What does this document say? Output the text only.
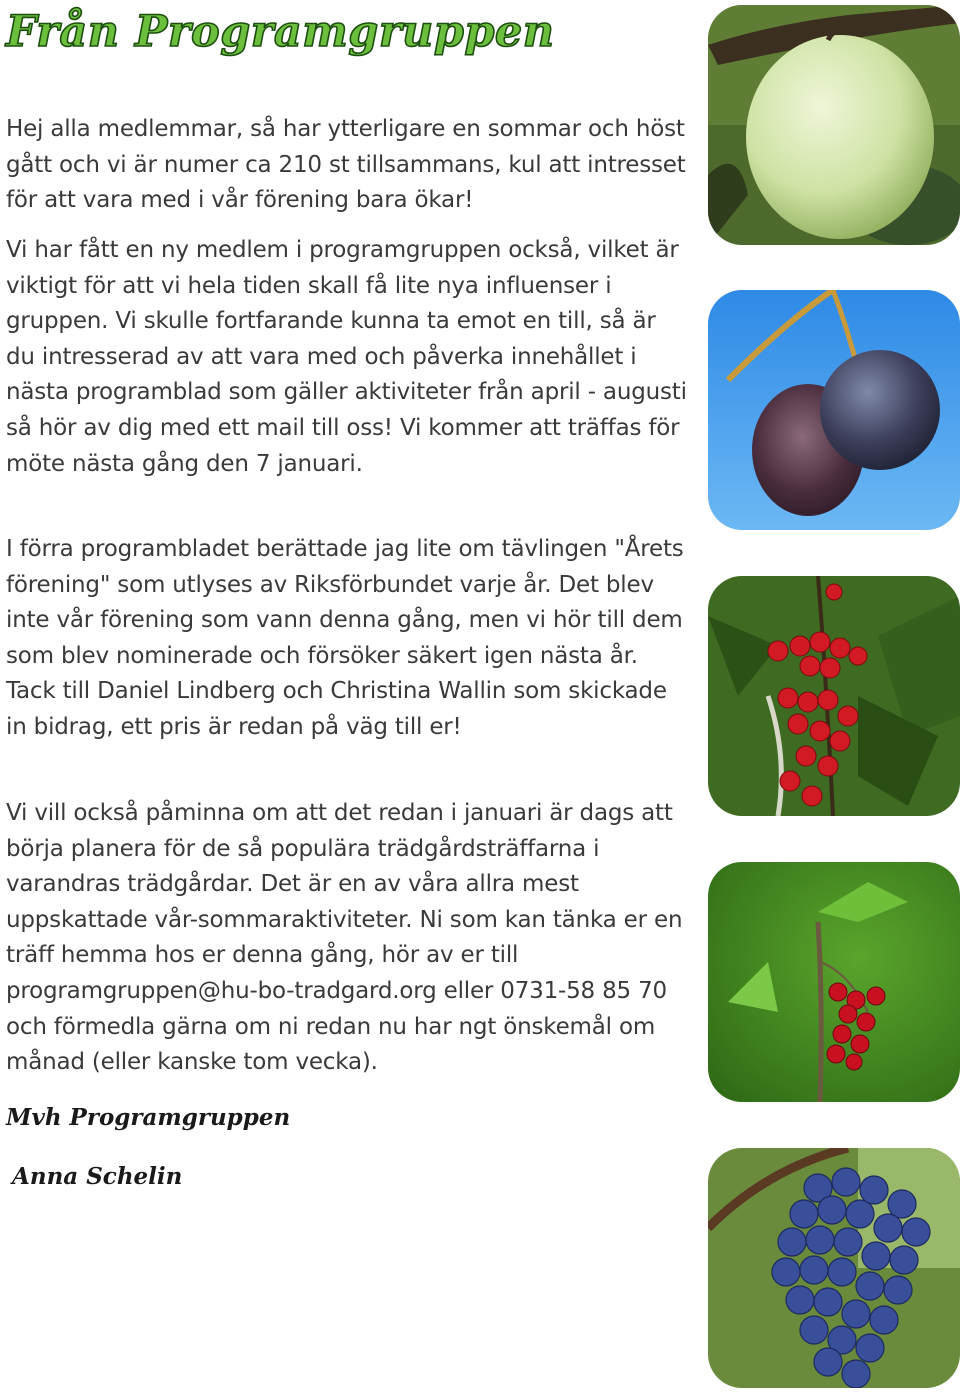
Från Programgruppen

Hej alla medlemmar, så har ytterligare en sommar och höst gått och vi är numer ca 210 st tillsammans, kul att intresset för att vara med i vår förening bara ökar!

Vi har fått en ny medlem i programgruppen också, vilket är viktigt för att vi hela tiden skall få lite nya influenser i gruppen. Vi skulle fortfarande kunna ta emot en till, så är du intresserad av att vara med och påverka innehållet i nästa programblad som gäller aktiviteter från april - augusti så hör av dig med ett mail till oss! Vi kommer att träffas för möte nästa gång den 7 januari.

I förra programbladet berättade jag lite om tävlingen "Årets förening" som utlyses av Riksförbundet varje år. Det blev inte vår förening som vann denna gång, men vi hör till dem som blev nominerade och försöker säkert igen nästa år. Tack till Daniel Lindberg och Christina Wallin som skickade in bidrag, ett pris är redan på väg till er!

Vi vill också påminna om att det redan i januari är dags att börja planera för de så populära trädgårdsträffarna i varandras trädgårdar. Det är en av våra allra mest uppskattade vår-sommaraktiviteter. Ni som kan tänka er en träff hemma hos er denna gång, hör av er till programgruppen@hu-bo-tradgard.org eller 0731-58 85 70 och förmedla gärna om ni redan nu har ngt önskemål om månad (eller kanske tom vecka).

Mvh Programgruppen
Anna Schelin
